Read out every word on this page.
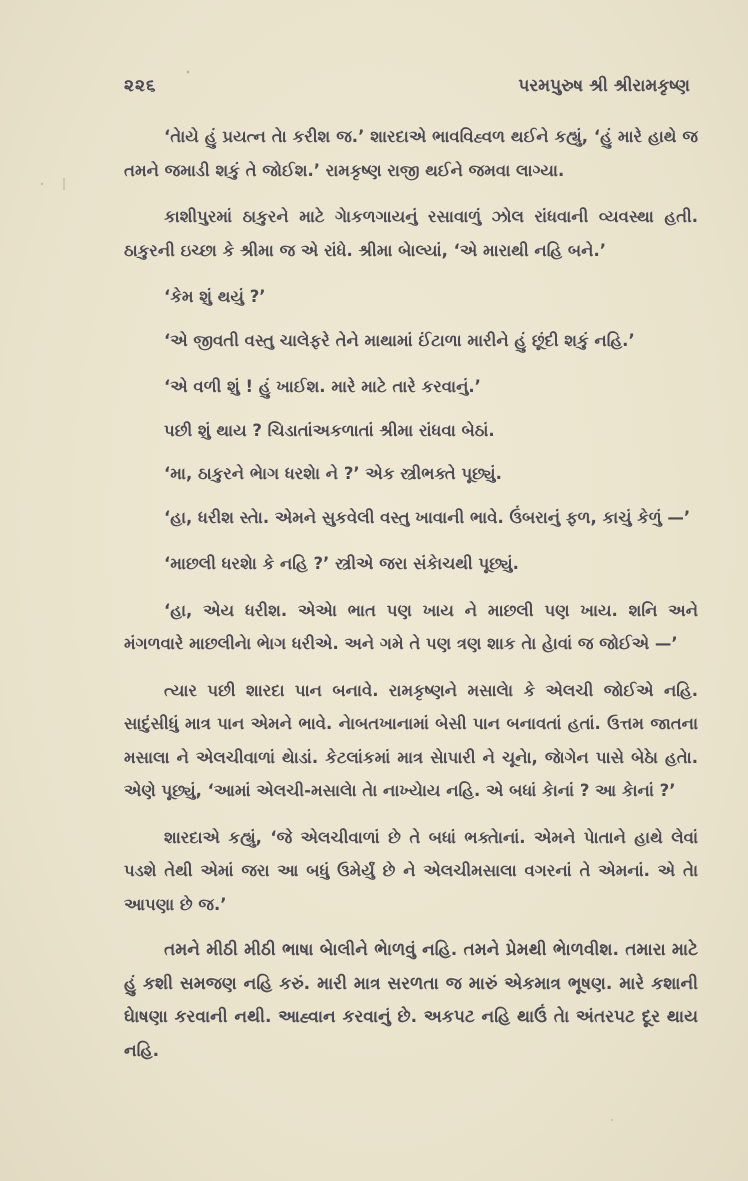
૨૨૬	પરમપુરુષ શ્રી શ્રીરામકૃષ્ણ

‘તેાયે હું પ્રયત્ન તેા કરીશ જ.’ શારદાએ ભાવવિહ્વળ થઈને કહ્યું, ‘હું મારે હાથે જ તમને જમાડી શકું તે જોઈશ.’ રામકૃષ્ણ રાજી થઈને જમવા લાગ્યા.

કાશીપુરમાં ઠાકુરને માટે ગેાકળગાયનું રસાવાળું ઝોલ રાંધવાની વ્યવસ્થા હતી. ઠાકુરની ઇચ્છા કે શ્રીમા જ એ રાંધે. શ્રીમા બેાલ્યાં, ‘એ મારાથી નહિ બને.’

‘કેમ શું થયું ?’

‘એ જીવતી વસ્તુ ચાલેફરે તેને માથામાં ઈંટાળા મારીને હું છૂંદી શકું નહિ.’

‘એ વળી શું ! હું ખાઈશ. મારે માટે તારે કરવાનું.’

પછી શું થાય ? ચિડાતાંઅકળાતાં શ્રીમા રાંધવા બેઠાં.

‘મા, ઠાકુરને ભેાગ ધરશેા ને ?’ એક સ્ત્રીભક્તે પૂછ્યું.

‘હા, ધરીશ સ્તેા. એમને સુકવેલી વસ્તુ ખાવાની ભાવે. ઉંબરાનું ફળ, કાચું કેળું —’

‘માછલી ધરશેા કે નહિ ?’ સ્ત્રીએ જરા સંકેાચથી પૂછ્યું.

‘હા, એય ધરીશ. એએા ભાત પણ ખાય ને માછલી પણ ખાય. શનિ અને મંગળવારે માછલીનેા ભેાગ ધરીએ. અને ગમે તે પણ ત્રણ શાક તેા હેાવાં જ જોઈએ —’

ત્યાર પછી શારદા પાન બનાવે. રામકૃષ્ણને મસાલેા કે એલચી જોઈએ નહિ. સાદુંસીધું માત્ર પાન એમને ભાવે. નેાબતખાનામાં બેસી પાન બનાવતાં હતાં. ઉત્તમ જાતના મસાલા ને એલચીવાળાં થેાડાં. કેટલાંકમાં માત્ર સેાપારી ને ચૂનેા, જેાગેન પાસે બેઠેા હતેા. એણે પૂછ્યું, ‘આમાં એલચી-મસાલેા તેા નાખ્યેાય નહિ. એ બધાં કેાનાં ? આ કેાનાં ?’

શારદાએ કહ્યું, ‘જે એલચીવાળાં છે તે બધાં ભક્તેાનાં. એમને પેાતાને હાથે લેવાં પડશે તેથી એમાં જરા આ બધું ઉમેર્યું છે ને એલચીમસાલા વગરનાં તે એમનાં. એ તેા આપણા છે જ.’

તમને મીઠી મીઠી ભાષા બેાલીને ભેાળવું નહિ. તમને પ્રેમથી ભેાળવીશ. તમારા માટે હું કશી સમજણ નહિ કરું. મારી માત્ર સરળતા જ મારું એકમાત્ર ભૂષણ. મારે કશાની ઘેાષણા કરવાની નથી. આહ્વાન કરવાનું છે. અકપટ નહિ થાઉં તેા અંતરપટ દૂર થાય નહિ.
